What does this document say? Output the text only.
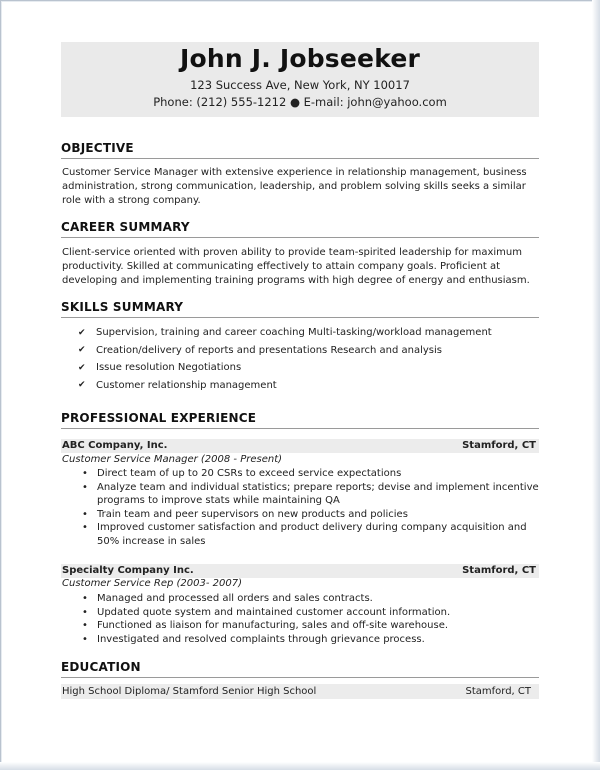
John J. Jobseeker
123 Success Ave, New York, NY 10017
Phone: (212) 555-1212 ● E-mail: john@yahoo.com
OBJECTIVE
Customer Service Manager with extensive experience in relationship management, business administration, strong communication, leadership, and problem solving skills seeks a similar role with a strong company.
CAREER SUMMARY
Client-service oriented with proven ability to provide team-spirited leadership for maximum productivity. Skilled at communicating effectively to attain company goals. Proficient at developing and implementing training programs with high degree of energy and enthusiasm.
SKILLS SUMMARY
✔	Supervision, training and career coaching Multi-tasking/workload management
✔	Creation/delivery of reports and presentations Research and analysis
✔	Issue resolution Negotiations
✔	Customer relationship management
PROFESSIONAL EXPERIENCE
ABC Company, Inc.	Stamford, CT
Customer Service Manager (2008 - Present)
• Direct team of up to 20 CSRs to exceed service expectations
• Analyze team and individual statistics; prepare reports; devise and implement incentive programs to improve stats while maintaining QA
• Train team and peer supervisors on new products and policies
• Improved customer satisfaction and product delivery during company acquisition and 50% increase in sales
Specialty Company Inc.	Stamford, CT
Customer Service Rep (2003- 2007)
• Managed and processed all orders and sales contracts.
• Updated quote system and maintained customer account information.
• Functioned as liaison for manufacturing, sales and off-site warehouse.
• Investigated and resolved complaints through grievance process.
EDUCATION
High School Diploma/ Stamford Senior High School	Stamford, CT
